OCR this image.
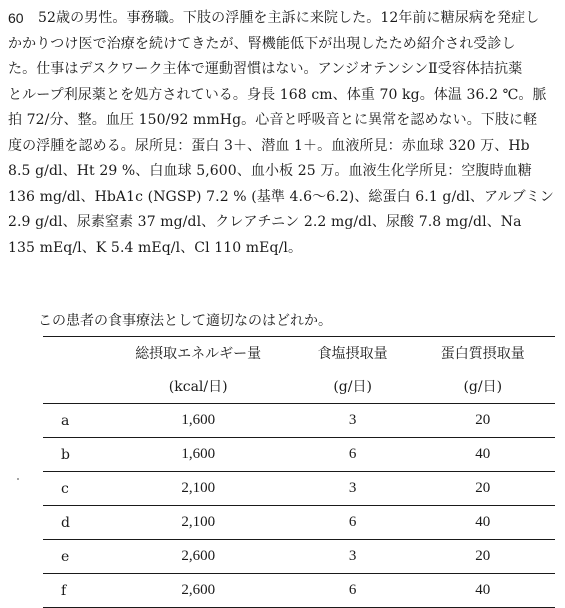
60 52歳の男性。事務職。下肢の浮腫を主訴に来院した。12年前に糖尿病を発症し
かかりつけ医で治療を続けてきたが、腎機能低下が出現したため紹介され受診し
た。仕事はデスクワーク主体で運動習慣はない。アンジオテンシンⅡ受容体拮抗薬
とループ利尿薬とを処方されている。身長 168 cm、体重 70 kg。体温 36.2 ℃。脈
拍 72/分、整。血圧 150/92 mmHg。心音と呼吸音とに異常を認めない。下肢に軽
度の浮腫を認める。尿所見：蛋白 3＋、潜血 1＋。血液所見：赤血球 320 万、Hb
8.5 g/dl、Ht 29 %、白血球 5,600、血小板 25 万。血液生化学所見：空腹時血糖
136 mg/dl、HbA1c (NGSP) 7.2 % (基準 4.6～6.2)、総蛋白 6.1 g/dl、アルブミン
2.9 g/dl、尿素窒素 37 mg/dl、クレアチニン 2.2 mg/dl、尿酸 7.8 mg/dl、Na
135 mEq/l、K 5.4 mEq/l、Cl 110 mEq/l。
この患者の食事療法として適切なのはどれか。
	総摂取エネルギー量	食塩摂取量	蛋白質摂取量
	(kcal/日)	(g/日)	(g/日)
a	1,600	3	20
b	1,600	6	40
c	2,100	3	20
d	2,100	6	40
e	2,600	3	20
f	2,600	6	40
